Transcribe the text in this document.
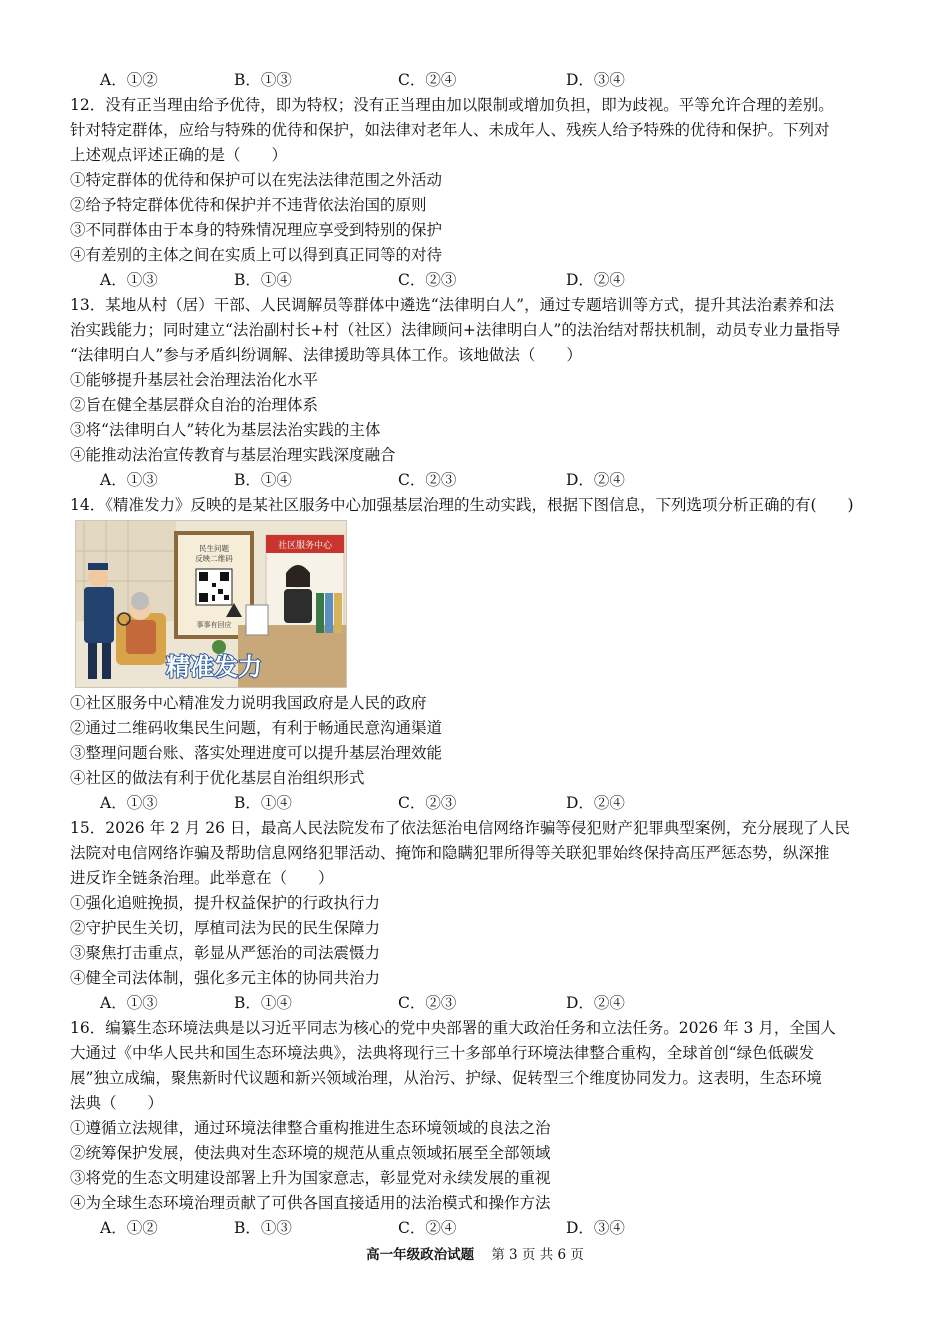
A．①②	B．①③	C．②④	D．③④
12．没有正当理由给予优待，即为特权；没有正当理由加以限制或增加负担，即为歧视。平等允许合理的差别。
针对特定群体，应给与特殊的优待和保护，如法律对老年人、未成年人、残疾人给予特殊的优待和保护。下列对
上述观点评述正确的是（　　）
①特定群体的优待和保护可以在宪法法律范围之外活动
②给予特定群体优待和保护并不违背依法治国的原则
③不同群体由于本身的特殊情况理应享受到特别的保护
④有差别的主体之间在实质上可以得到真正同等的对待
A．①③	B．①④	C．②③	D．②④
13．某地从村（居）干部、人民调解员等群体中遴选“法律明白人”，通过专题培训等方式，提升其法治素养和法
治实践能力；同时建立“法治副村长+村（社区）法律顾问+法律明白人”的法治结对帮扶机制，动员专业力量指导
“法律明白人”参与矛盾纠纷调解、法律援助等具体工作。该地做法（　　）
①能够提升基层社会治理法治化水平
②旨在健全基层群众自治的治理体系
③将“法律明白人”转化为基层法治实践的主体
④能推动法治宣传教育与基层治理实践深度融合
A．①③	B．①④	C．②③	D．②④
14．《精准发力》反映的是某社区服务中心加强基层治理的生动实践，根据下图信息，下列选项分析正确的有(　　)
社区服务中心
民生问题
反映二维码
事事有回应
精准发力
①社区服务中心精准发力说明我国政府是人民的政府
②通过二维码收集民生问题，有利于畅通民意沟通渠道
③整理问题台账、落实处理进度可以提升基层治理效能
④社区的做法有利于优化基层自治组织形式
A．①③	B．①④	C．②③	D．②④
15．2026 年 2 月 26 日，最高人民法院发布了依法惩治电信网络诈骗等侵犯财产犯罪典型案例，充分展现了人民
法院对电信网络诈骗及帮助信息网络犯罪活动、掩饰和隐瞒犯罪所得等关联犯罪始终保持高压严惩态势，纵深推
进反诈全链条治理。此举意在（　　）
①强化追赃挽损，提升权益保护的行政执行力
②守护民生关切，厚植司法为民的民生保障力
③聚焦打击重点，彰显从严惩治的司法震慑力
④健全司法体制，强化多元主体的协同共治力
A．①③	B．①④	C．②③	D．②④
16．编纂生态环境法典是以习近平同志为核心的党中央部署的重大政治任务和立法任务。2026 年 3 月，全国人
大通过《中华人民共和国生态环境法典》，法典将现行三十多部单行环境法律整合重构，全球首创“绿色低碳发
展”独立成编，聚焦新时代议题和新兴领域治理，从治污、护绿、促转型三个维度协同发力。这表明，生态环境
法典（　　）
①遵循立法规律，通过环境法律整合重构推进生态环境领域的良法之治
②统筹保护发展，使法典对生态环境的规范从重点领域拓展至全部领域
③将党的生态文明建设部署上升为国家意志，彰显党对永续发展的重视
④为全球生态环境治理贡献了可供各国直接适用的法治模式和操作方法
A．①②	B．①③	C．②④	D．③④
高一年级政治试题 第 3 页 共 6 页
